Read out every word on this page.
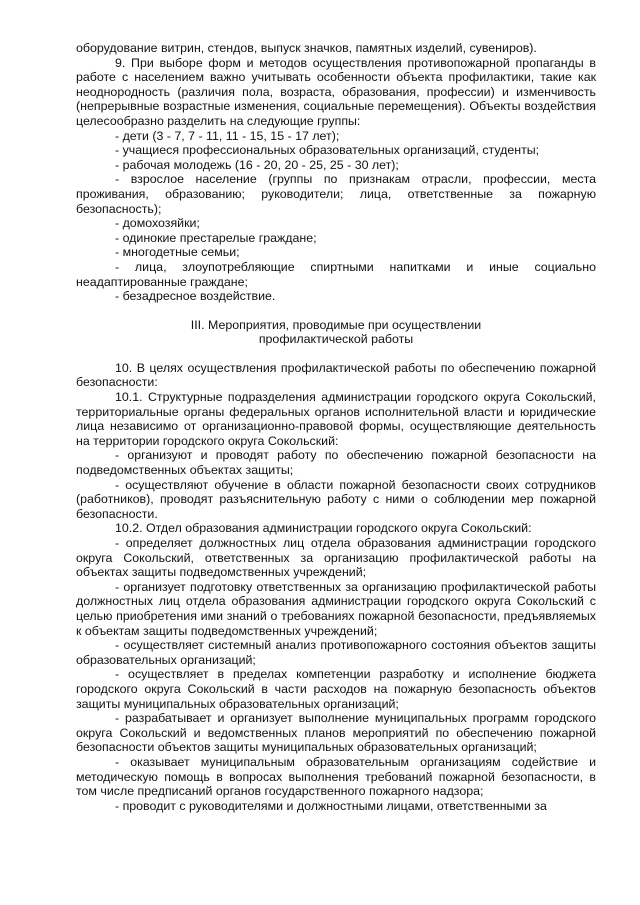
оборудование витрин, стендов, выпуск значков, памятных изделий, сувениров).

9. При выборе форм и методов осуществления противопожарной пропаганды в работе с населением важно учитывать особенности объекта профилактики, такие как неоднородность (различия пола, возраста, образования, профессии) и изменчивость (непрерывные возрастные изменения, социальные перемещения). Объекты воздействия целесообразно разделить на следующие группы:

- дети (3 - 7, 7 - 11, 11 - 15, 15 - 17 лет);

- учащиеся профессиональных образовательных организаций, студенты;

- рабочая молодежь (16 - 20, 20 - 25, 25 - 30 лет);

- взрослое население (группы по признакам отрасли, профессии, места проживания, образованию; руководители; лица, ответственные за пожарную безопасность);

- домохозяйки;

- одинокие престарелые граждане;

- многодетные семьи;

- лица, злоупотребляющие спиртными напитками и иные социально неадаптированные граждане;

- безадресное воздействие.

III. Мероприятия, проводимые при осуществлении
профилактической работы

10. В целях осуществления профилактической работы по обеспечению пожарной безопасности:

10.1. Структурные подразделения администрации городского округа Сокольский, территориальные органы федеральных органов исполнительной власти и юридические лица независимо от организационно-правовой формы, осуществляющие деятельность на территории городского округа Сокольский:

- организуют и проводят работу по обеспечению пожарной безопасности на подведомственных объектах защиты;

- осуществляют обучение в области пожарной безопасности своих сотрудников (работников), проводят разъяснительную работу с ними о соблюдении мер пожарной безопасности.

10.2. Отдел образования администрации городского округа Сокольский:

- определяет должностных лиц отдела образования администрации городского округа Сокольский, ответственных за организацию профилактической работы на объектах защиты подведомственных учреждений;

- организует подготовку ответственных за организацию профилактической работы должностных лиц отдела образования администрации городского округа Сокольский с целью приобретения ими знаний о требованиях пожарной безопасности, предъявляемых к объектам защиты подведомственных учреждений;

- осуществляет системный анализ противопожарного состояния объектов защиты образовательных организаций;

- осуществляет в пределах компетенции разработку и исполнение бюджета городского округа Сокольский в части расходов на пожарную безопасность объектов защиты муниципальных образовательных организаций;

- разрабатывает и организует выполнение муниципальных программ городского округа Сокольский и ведомственных планов мероприятий по обеспечению пожарной безопасности объектов защиты муниципальных образовательных организаций;

- оказывает муниципальным образовательным организациям содействие и методическую помощь в вопросах выполнения требований пожарной безопасности, в том числе предписаний органов государственного пожарного надзора;

- проводит с руководителями и должностными лицами, ответственными за
